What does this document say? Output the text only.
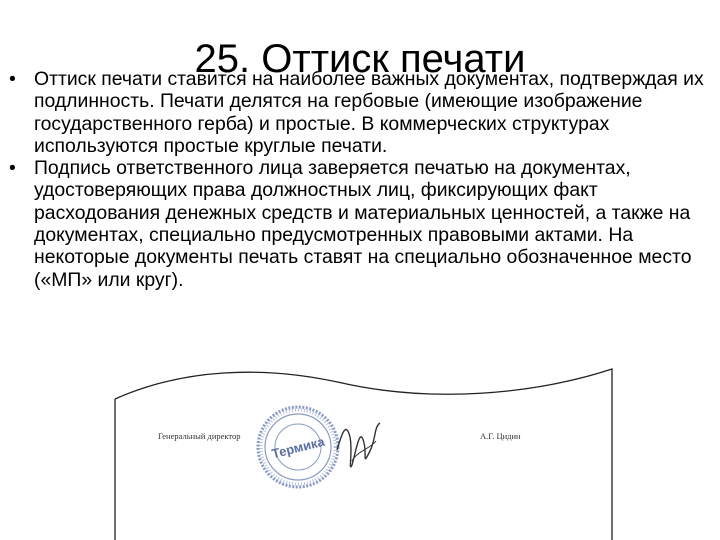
25. Оттиск печати
• Оттиск печати ставится на наиболее важных документах, подтверждая их подлинность. Печати делятся на гербовые (имеющие изображение государственного герба) и простые. В коммерческих структурах используются простые круглые печати.
• Подпись ответственного лица заверяется печатью на документах, удостоверяющих права должностных лиц, фиксирующих факт расходования денежных средств и материальных ценностей, а также на документах, специально предусмотренных правовыми актами. На некоторые документы печать ставят на специально обозначенное место («МП» или круг).
Генеральный директор Термика	А.Г. Цидин
